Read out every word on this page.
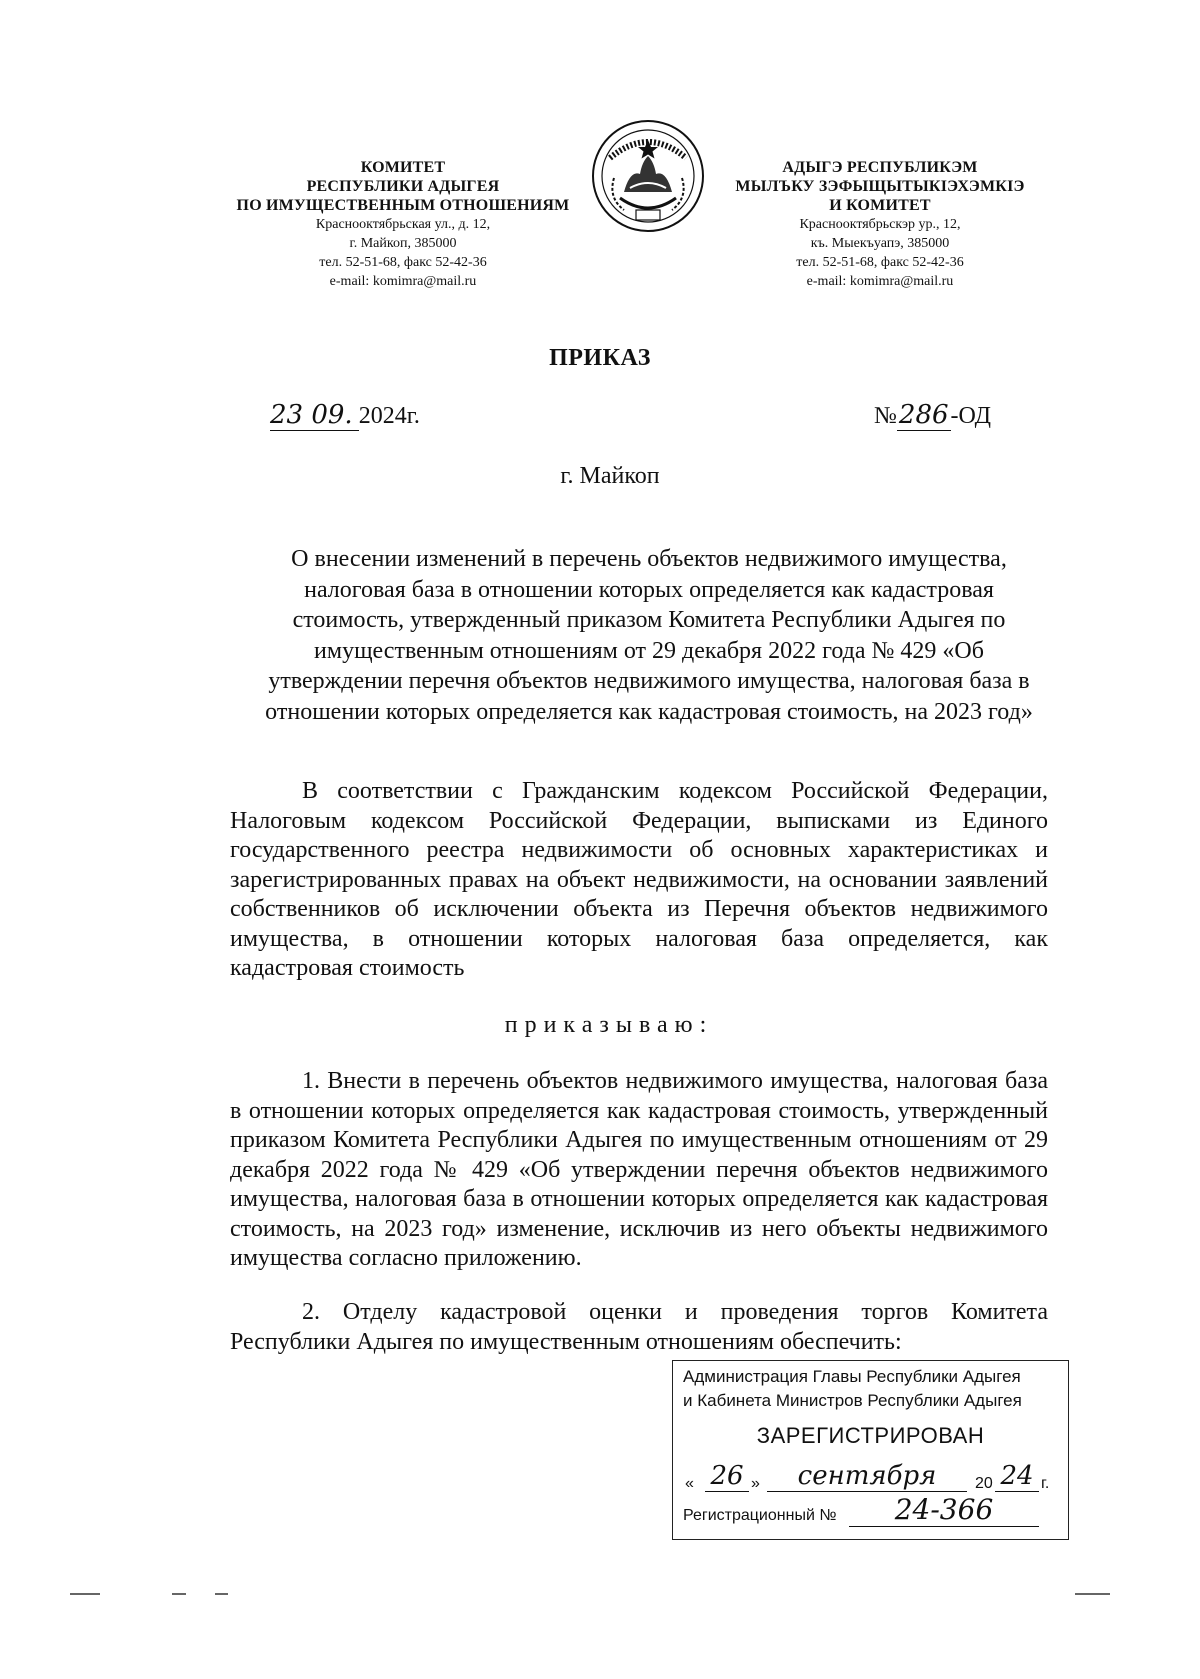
КОМИТЕТ
РЕСПУБЛИКИ АДЫГЕЯ
ПО ИМУЩЕСТВЕННЫМ ОТНОШЕНИЯМ
Краснооктябрьская ул., д. 12,
г. Майкоп, 385000
тел. 52-51-68, факс 52-42-36
e-mail: komimra@mail.ru
АДЫГЭ РЕСПУБЛИКЭМ
МЫЛЪКУ ЗЭФЫЩЫТЫКIЭХЭМКIЭ
И КОМИТЕТ
Краснооктябрьскэр ур., 12,
къ. Мыекъуапэ, 385000
тел. 52-51-68, факс 52-42-36
e-mail: komimra@mail.ru
ПРИКАЗ
23 09. 2024г.	№286-ОД
г. Майкоп
О внесении изменений в перечень объектов недвижимого имущества, налоговая база в отношении которых определяется как кадастровая стоимость, утвержденный приказом Комитета Республики Адыгея по имущественным отношениям от 29 декабря 2022 года № 429 «Об утверждении перечня объектов недвижимого имущества, налоговая база в отношении которых определяется как кадастровая стоимость, на 2023 год»
В соответствии с Гражданским кодексом Российской Федерации, Налоговым кодексом Российской Федерации, выписками из Единого государственного реестра недвижимости об основных характеристиках и зарегистрированных правах на объект недвижимости, на основании заявлений собственников об исключении объекта из Перечня объектов недвижимого имущества, в отношении которых налоговая база определяется, как кадастровая стоимость
приказываю:
1. Внести в перечень объектов недвижимого имущества, налоговая база в отношении которых определяется как кадастровая стоимость, утвержденный приказом Комитета Республики Адыгея по имущественным отношениям от 29 декабря 2022 года № 429 «Об утверждении перечня объектов недвижимого имущества, налоговая база в отношении которых определяется как кадастровая стоимость, на 2023 год» изменение, исключив из него объекты недвижимого имущества согласно приложению.
2. Отделу кадастровой оценки и проведения торгов Комитета Республики Адыгея по имущественным отношениям обеспечить:
Администрация Главы Республики Адыгея
и Кабинета Министров Республики Адыгея
ЗАРЕГИСТРИРОВАН
« 26 »	сентября	20 24 г.
Регистрационный №	24-366
